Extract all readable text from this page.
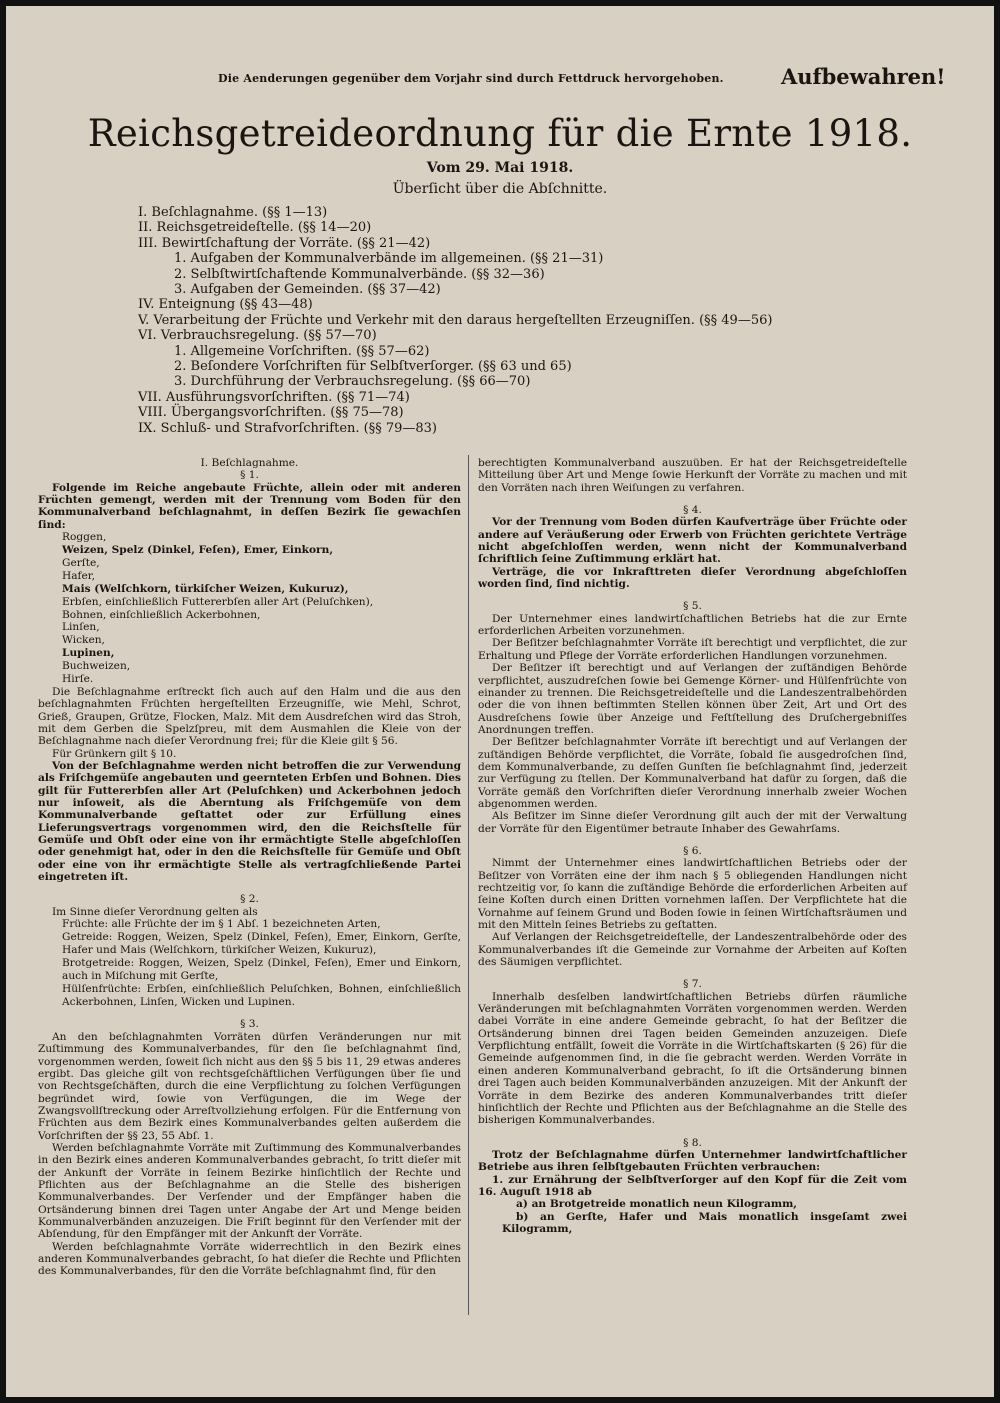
Die Aenderungen gegenüber dem Vorjahr sind durch Fettdruck hervorgehoben.	Aufbewahren!
Reichsgetreideordnung für die Ernte 1918.
Vom 29. Mai 1918.
Überſicht über die Abſchnitte.
I. Beſchlagnahme. (§§ 1—13)
II. Reichsgetreideſtelle. (§§ 14—20)
III. Bewirtſchaftung der Vorräte. (§§ 21—42)
1. Aufgaben der Kommunalverbände im allgemeinen. (§§ 21—31)
2. Selbſtwirtſchaftende Kommunalverbände. (§§ 32—36)
3. Aufgaben der Gemeinden. (§§ 37—42)
IV. Enteignung (§§ 43—48)
V. Verarbeitung der Früchte und Verkehr mit den daraus hergeſtellten Erzeugniſſen. (§§ 49—56)
VI. Verbrauchsregelung. (§§ 57—70)
1. Allgemeine Vorſchriften. (§§ 57—62)
2. Beſondere Vorſchriften für Selbſtverſorger. (§§ 63 und 65)
3. Durchführung der Verbrauchsregelung. (§§ 66—70)
VII. Ausführungsvorſchriften. (§§ 71—74)
VIII. Übergangsvorſchriften. (§§ 75—78)
IX. Schluß- und Strafvorſchriften. (§§ 79—83)
I. Beſchlagnahme.
§ 1.

Folgende im Reiche angebaute Früchte, allein oder mit anderen Früchten gemengt, werden mit der Trennung vom Boden für den Kommunalverband beſchlagnahmt, in deſſen Bezirk ſie gewachſen ſind:

Roggen,
Weizen, Spelz (Dinkel, Feſen), Emer, Einkorn,
Gerſte,
Hafer,
Mais (Welſchkorn, türkiſcher Weizen, Kukuruz),
Erbſen, einſchließlich Futtererbſen aller Art (Peluſchken),
Bohnen, einſchließlich Ackerbohnen,
Linſen,
Wicken,
Lupinen,
Buchweizen,
Hirſe.

Die Beſchlagnahme erſtreckt ſich auch auf den Halm und die aus den beſchlagnahmten Früchten hergeſtellten Erzeugniſſe, wie Mehl, Schrot, Grieß, Graupen, Grütze, Flocken, Malz. Mit dem Ausdreſchen wird das Stroh, mit dem Gerben die Spelzſpreu, mit dem Ausmahlen die Kleie von der Beſchlagnahme nach dieſer Verordnung frei; für die Kleie gilt § 56.

Für Grünkern gilt § 10.

Von der Beſchlagnahme werden nicht betroffen die zur Verwendung als Friſchgemüſe angebauten und geernteten Erbſen und Bohnen. Dies gilt für Futtererbſen aller Art (Peluſchken) und Ackerbohnen jedoch nur inſoweit, als die Aberntung als Friſchgemüſe von dem Kommunalverbande geſtattet oder zur Erfüllung eines Lieferungsvertrags vorgenommen wird, den die Reichsſtelle für Gemüſe und Obſt oder eine von ihr ermächtigte Stelle abgeſchloſſen oder genehmigt hat, oder in den die Reichsſtelle für Gemüſe und Obſt oder eine von ihr ermächtigte Stelle als vertragſchließende Partei eingetreten iſt.

§ 2.

Im Sinne dieſer Verordnung gelten als

Früchte: alle Früchte der im § 1 Abſ. 1 bezeichneten Arten,
Getreide: Roggen, Weizen, Spelz (Dinkel, Feſen), Emer, Einkorn, Gerſte, Hafer und Mais (Welſchkorn, türkiſcher Weizen, Kukuruz),
Brotgetreide: Roggen, Weizen, Spelz (Dinkel, Feſen), Emer und Einkorn, auch in Miſchung mit Gerſte,
Hülſenfrüchte: Erbſen, einſchließlich Peluſchken, Bohnen, einſchließlich Ackerbohnen, Linſen, Wicken und Lupinen.
§ 3.

An den beſchlagnahmten Vorräten dürfen Veränderungen nur mit Zuſtimmung des Kommunalverbandes, für den ſie beſchlagnahmt ſind, vorgenommen werden, ſoweit ſich nicht aus den §§ 5 bis 11, 29 etwas anderes ergibt. Das gleiche gilt von rechtsgeſchäftlichen Verfügungen über ſie und von Rechtsgeſchäften, durch die eine Verpflichtung zu ſolchen Verfügungen begründet wird, ſowie von Verfügungen, die im Wege der Zwangsvollſtreckung oder Arreſtvollziehung erfolgen. Für die Entfernung von Früchten aus dem Bezirk eines Kommunalverbandes gelten außerdem die Vorſchriften der §§ 23, 55 Abſ. 1.

Werden beſchlagnahmte Vorräte mit Zuſtimmung des Kommunalverbandes in den Bezirk eines anderen Kommunalverbandes gebracht, ſo tritt dieſer mit der Ankunft der Vorräte in ſeinem Bezirke hinſichtlich der Rechte und Pflichten aus der Beſchlagnahme an die Stelle des bisherigen Kommunalverbandes. Der Verſender und der Empfänger haben die Ortsänderung binnen drei Tagen unter Angabe der Art und Menge beiden Kommunalverbänden anzuzeigen. Die Friſt beginnt für den Verſender mit der Abſendung, für den Empfänger mit der Ankunft der Vorräte.

Werden beſchlagnahmte Vorräte widerrechtlich in den Bezirk eines anderen Kommunalverbandes gebracht, ſo hat dieſer die Rechte und Pflichten des Kommunalverbandes, für den die Vorräte beſchlagnahmt ſind, für den

berechtigten Kommunalverband auszuüben. Er hat der Reichsgetreideſtelle Mitteilung über Art und Menge ſowie Herkunft der Vorräte zu machen und mit den Vorräten nach ihren Weiſungen zu verfahren.

§ 4.

Vor der Trennung vom Boden dürfen Kaufverträge über Früchte oder andere auf Veräußerung oder Erwerb von Früchten gerichtete Verträge nicht abgeſchloſſen werden, wenn nicht der Kommunalverband ſchriftlich ſeine Zuſtimmung erklärt hat.

Verträge, die vor Inkrafttreten dieſer Verordnung abgeſchloſſen worden ſind, ſind nichtig.

§ 5.

Der Unternehmer eines landwirtſchaftlichen Betriebs hat die zur Ernte erforderlichen Arbeiten vorzunehmen.

Der Beſitzer beſchlagnahmter Vorräte iſt berechtigt und verpflichtet, die zur Erhaltung und Pflege der Vorräte erforderlichen Handlungen vorzunehmen.

Der Beſitzer iſt berechtigt und auf Verlangen der zuſtändigen Behörde verpflichtet, auszudreſchen ſowie bei Gemenge Körner- und Hülſenfrüchte von einander zu trennen. Die Reichsgetreideſtelle und die Landeszentralbehörden oder die von ihnen beſtimmten Stellen können über Zeit, Art und Ort des Ausdreſchens ſowie über Anzeige und Feſtſtellung des Druſchergebniſſes Anordnungen treffen.

Der Beſitzer beſchlagnahmter Vorräte iſt berechtigt und auf Verlangen der zuſtändigen Behörde verpflichtet, die Vorräte, ſobald ſie ausgedroſchen ſind, dem Kommunalverbande, zu deſſen Gunſten ſie beſchlagnahmt ſind, jederzeit zur Verfügung zu ſtellen. Der Kommunalverband hat dafür zu ſorgen, daß die Vorräte gemäß den Vorſchriften dieſer Verordnung innerhalb zweier Wochen abgenommen werden.

Als Beſitzer im Sinne dieſer Verordnung gilt auch der mit der Verwaltung der Vorräte für den Eigentümer betraute Inhaber des Gewahrſams.

§ 6.

Nimmt der Unternehmer eines landwirtſchaftlichen Betriebs oder der Beſitzer von Vorräten eine der ihm nach § 5 obliegenden Handlungen nicht rechtzeitig vor, ſo kann die zuſtändige Behörde die erforderlichen Arbeiten auf ſeine Koſten durch einen Dritten vornehmen laſſen. Der Verpflichtete hat die Vornahme auf ſeinem Grund und Boden ſowie in ſeinen Wirtſchaftsräumen und mit den Mitteln ſeines Betriebs zu geſtatten.

Auf Verlangen der Reichsgetreideſtelle, der Landeszentralbehörde oder des Kommunalverbandes iſt die Gemeinde zur Vornahme der Arbeiten auf Koſten des Säumigen verpflichtet.

§ 7.

Innerhalb desſelben landwirtſchaftlichen Betriebs dürfen räumliche Veränderungen mit beſchlagnahmten Vorräten vorgenommen werden. Werden dabei Vorräte in eine andere Gemeinde gebracht, ſo hat der Beſitzer die Ortsänderung binnen drei Tagen beiden Gemeinden anzuzeigen. Dieſe Verpflichtung entfällt, ſoweit die Vorräte in die Wirtſchaftskarten (§ 26) für die Gemeinde aufgenommen ſind, in die ſie gebracht werden. Werden Vorräte in einen anderen Kommunalverband gebracht, ſo iſt die Ortsänderung binnen drei Tagen auch beiden Kommunalverbänden anzuzeigen. Mit der Ankunft der Vorräte in dem Bezirke des anderen Kommunalverbandes tritt dieſer hinſichtlich der Rechte und Pflichten aus der Beſchlagnahme an die Stelle des bisherigen Kommunalverbandes.

§ 8.

Trotz der Beſchlagnahme dürfen Unternehmer landwirtſchaftlicher Betriebe aus ihren ſelbſtgebauten Früchten verbrauchen:

1. zur Ernährung der Selbſtverſorger auf den Kopf für die Zeit vom 16. Auguſt 1918 ab

a) an Brotgetreide monatlich neun Kilogramm,

b) an Gerſte, Hafer und Mais monatlich insgeſamt zwei Kilogramm,
